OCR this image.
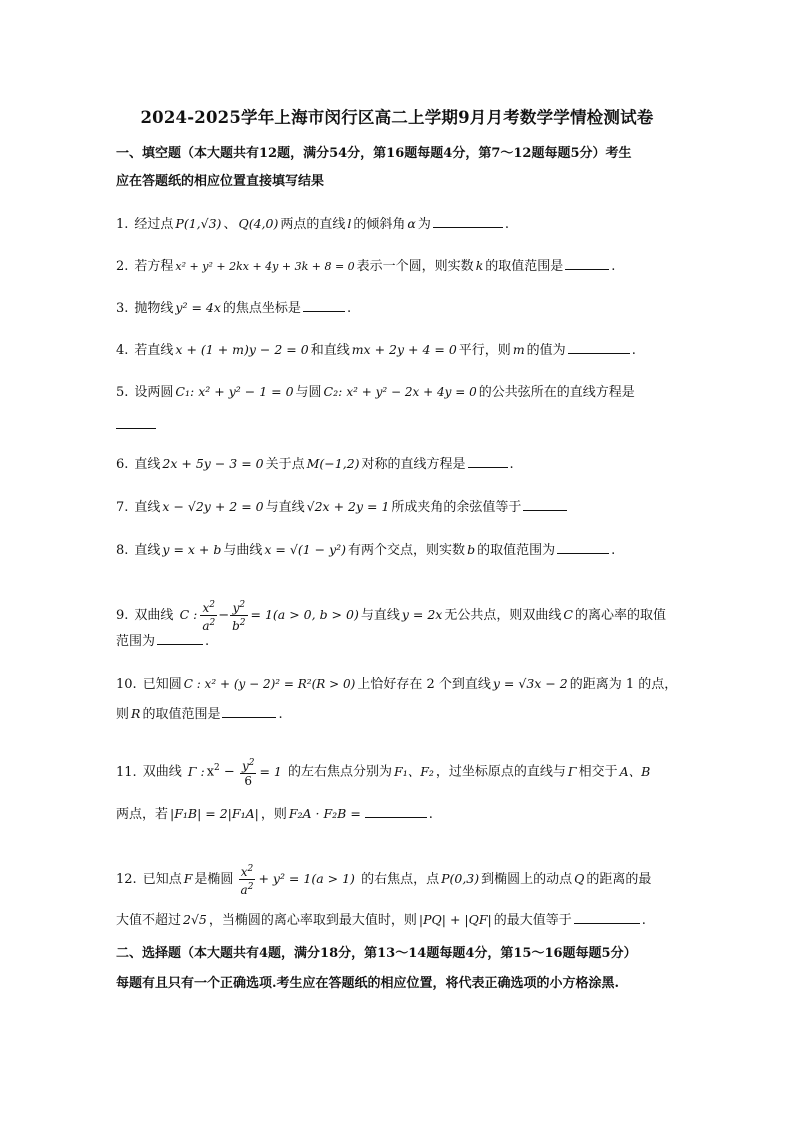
2024-2025学年上海市闵行区高二上学期9月月考数学学情检测试卷
一、填空题（本大题共有12题，满分54分，第16题每题4分，第7～12题每题5分）考生
应在答题纸的相应位置直接填写结果
1. 经过点 P(1,√3) 、 Q(4,0) 两点的直线 l 的倾斜角 α 为	.
2. 若方程 x² + y² + 2kx + 4y + 3k + 8 = 0 表示一个圆，则实数 k 的取值范围是	.
3. 抛物线 y² = 4x 的焦点坐标是	.
4. 若直线 x + (1 + m)y − 2 = 0 和直线 mx + 2y + 4 = 0 平行，则 m 的值为	.
5. 设两圆 C₁: x² + y² − 1 = 0 与圆 C₂: x² + y² − 2x + 4y = 0 的公共弦所在的直线方程是
6. 直线 2x + 5y − 3 = 0 关于点 M(−1,2) 对称的直线方程是	.
7. 直线 x − √2y + 2 = 0 与直线 √2x + 2y = 1 所成夹角的余弦值等于
8. 直线 y = x + b 与曲线 x = √(1 − y²) 有两个交点，则实数 b 的取值范围为	.
9. 双曲线 C : $\frac{x^2}{a^2} - \frac{y^2}{b^2} = 1(a > 0$, b > 0) 与直线 y = 2x 无公共点，则双曲线 C 的离心率的取值
范围为	.
10. 已知圆 C : x² + (y − 2)² = R²(R > 0) 上恰好存在 2 个到直线 y = √3x − 2 的距离为 1 的点，
则 R 的取值范围是	.
11. 双曲线 Γ : $x^2 - \frac{y^2}{6} = 1$ 的左右焦点分别为 F₁、F₂ ，过坐标原点的直线与 Γ 相交于 A、B
两点，若 |F₁B| = 2|F₁A| ，则 F₂A · F₂B =	.
12. 已知点 F 是椭圆 $\frac{x^2}{a^2} + y^2 = 1(a > 1)$ 的右焦点，点 P(0,3) 到椭圆上的动点 Q 的距离的最
大值不超过 2√5 ，当椭圆的离心率取到最大值时，则 |PQ| + |QF| 的最大值等于	.
二、选择题（本大题共有4题，满分18分，第13～14题每题4分，第15～16题每题5分）
每题有且只有一个正确选项.考生应在答题纸的相应位置，将代表正确选项的小方格涂黑.
